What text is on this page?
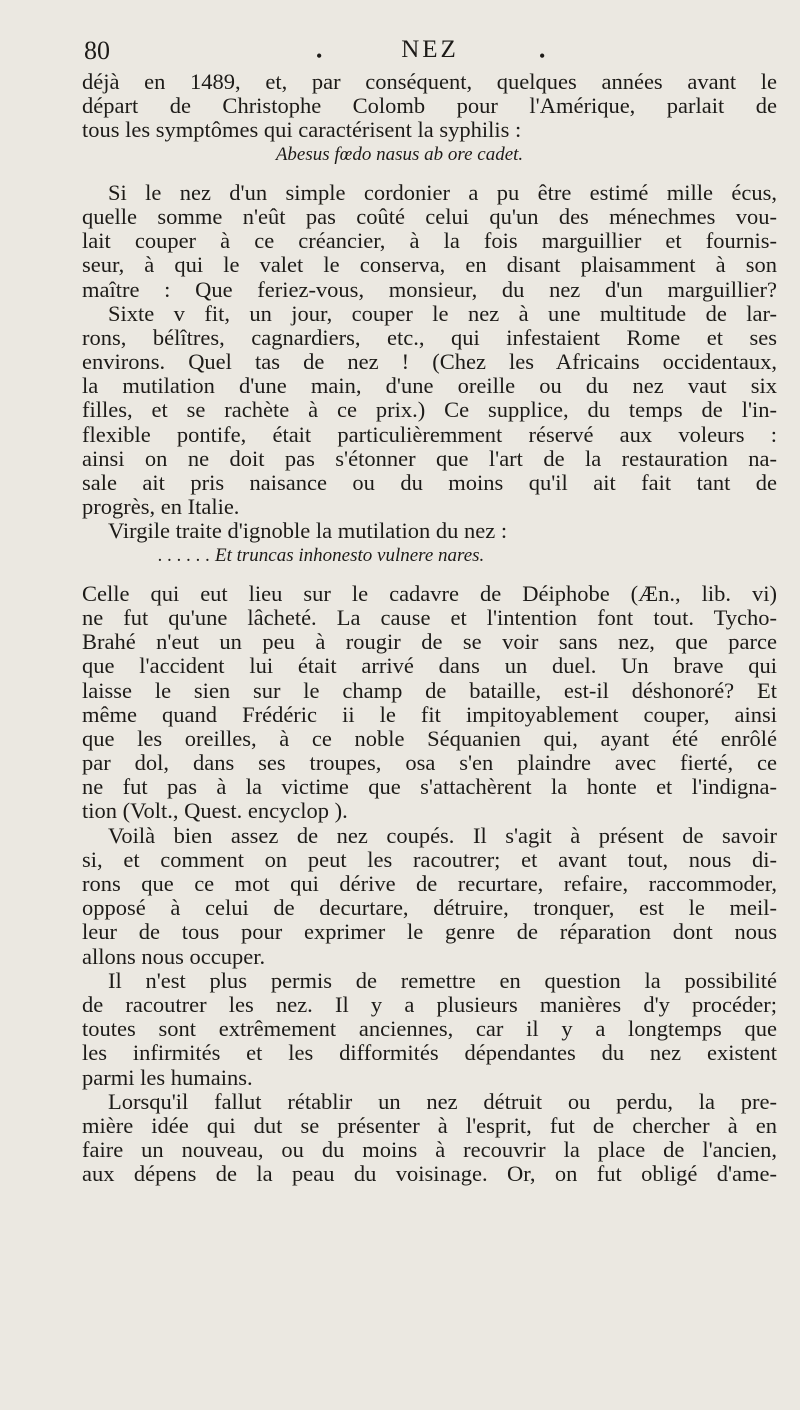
80	•	NEZ	•
déjà en 1489, et, par conséquent, quelques années avant le
départ de Christophe Colomb pour l'Amérique, parlait de
tous les symptômes qui caractérisent la syphilis :
Abesus fœdo nasus ab ore cadet.
Si le nez d'un simple cordonier a pu être estimé mille écus,
quelle somme n'eût pas coûté celui qu'un des ménechmes vou-
lait couper à ce créancier, à la fois marguillier et fournis-
seur, à qui le valet le conserva, en disant plaisamment à son
maître : Que feriez-vous, monsieur, du nez d'un marguillier?
Sixte v fit, un jour, couper le nez à une multitude de lar-
rons, bélîtres, cagnardiers, etc., qui infestaient Rome et ses
environs. Quel tas de nez ! (Chez les Africains occidentaux,
la mutilation d'une main, d'une oreille ou du nez vaut six
filles, et se rachète à ce prix.) Ce supplice, du temps de l'in-
flexible pontife, était particulièremment réservé aux voleurs :
ainsi on ne doit pas s'étonner que l'art de la restauration na-
sale ait pris naisance ou du moins qu'il ait fait tant de
progrès, en Italie.
Virgile traite d'ignoble la mutilation du nez :
. . . . . . Et truncas inhonesto vulnere nares.
Celle qui eut lieu sur le cadavre de Déiphobe (Æn., lib. vi)
ne fut qu'une lâcheté. La cause et l'intention font tout. Tycho-
Brahé n'eut un peu à rougir de se voir sans nez, que parce
que l'accident lui était arrivé dans un duel. Un brave qui
laisse le sien sur le champ de bataille, est-il déshonoré? Et
même quand Frédéric ii le fit impitoyablement couper, ainsi
que les oreilles, à ce noble Séquanien qui, ayant été enrôlé
par dol, dans ses troupes, osa s'en plaindre avec fierté, ce
ne fut pas à la victime que s'attachèrent la honte et l'indigna-
tion (Volt., Quest. encyclop ).
Voilà bien assez de nez coupés. Il s'agit à présent de savoir
si, et comment on peut les racoutrer; et avant tout, nous di-
rons que ce mot qui dérive de recurtare, refaire, raccommoder,
opposé à celui de decurtare, détruire, tronquer, est le meil-
leur de tous pour exprimer le genre de réparation dont nous
allons nous occuper.
Il n'est plus permis de remettre en question la possibilité
de racoutrer les nez. Il y a plusieurs manières d'y procéder;
toutes sont extrêmement anciennes, car il y a longtemps que
les infirmités et les difformités dépendantes du nez existent
parmi les humains.
Lorsqu'il fallut rétablir un nez détruit ou perdu, la pre-
mière idée qui dut se présenter à l'esprit, fut de chercher à en
faire un nouveau, ou du moins à recouvrir la place de l'ancien,
aux dépens de la peau du voisinage. Or, on fut obligé d'ame-
